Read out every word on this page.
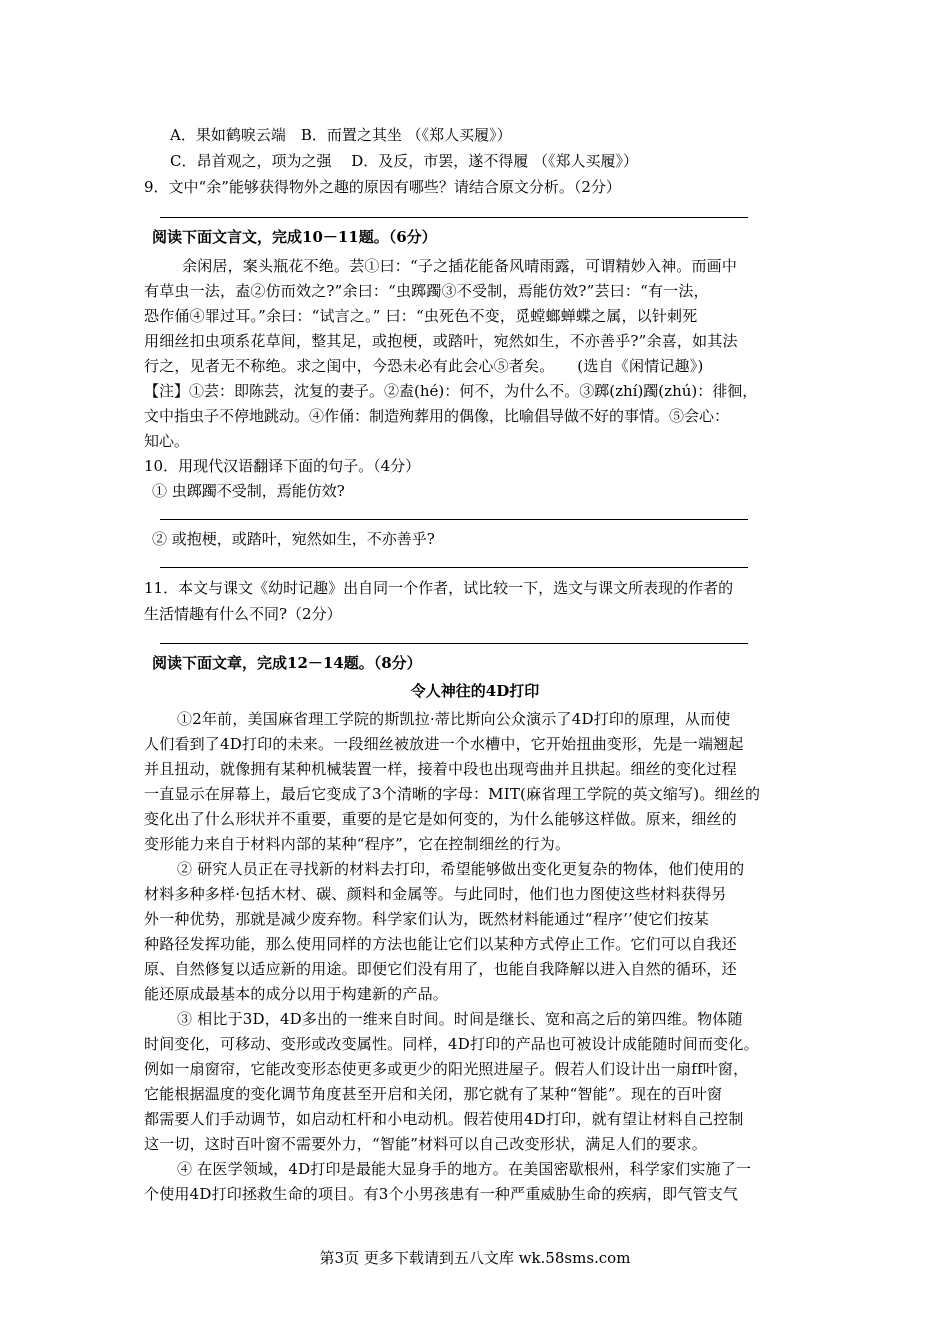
A．果如鹤唳云端　B．而置之其坐 （《郑人买履》）
C．昂首观之，项为之强　 D．及反，市罢，遂不得履 （《郑人买履》）
9．文中“余”能够获得物外之趣的原因有哪些？请结合原文分析。（2分）
阅读下面文言文，完成10－11题。（6分）
余闲居，案头瓶花不绝。芸①曰：“子之插花能备风晴雨露，可谓精妙入神。而画中
有草虫一法，盍②仿而效之?”余曰：“虫踯躅③不受制，焉能仿效?”芸曰：“有一法，
恐作俑④罪过耳。”余曰：“试言之。” 曰：“虫死色不变，觅螳螂蝉蝶之属，以针刺死
用细丝扣虫项系花草间，整其足，或抱梗，或踏叶，宛然如生，不亦善乎?”余喜，如其法
行之，见者无不称绝。求之闺中，今恐未必有此会心⑤者矣。　　(选自《闲情记趣》)
【注】①芸：即陈芸，沈复的妻子。②盍(hé)：何不，为什么不。③踯(zhí)躅(zhú)：徘徊，
文中指虫子不停地跳动。④作俑：制造殉葬用的偶像，比喻倡导做不好的事情。⑤会心：
知心。
10．用现代汉语翻译下面的句子。（4分）
① 虫踯躅不受制，焉能仿效?
② 或抱梗，或踏叶，宛然如生，不亦善乎?
11．本文与课文《幼时记趣》出自同一个作者，试比较一下，选文与课文所表现的作者的
生活情趣有什么不同?（2分）
阅读下面文章，完成12－14题。（8分）
令人神往的4D打印
①2年前，美国麻省理工学院的斯凯拉·蒂比斯向公众演示了4D打印的原理，从而使
人们看到了4D打印的未来。一段细丝被放进一个水槽中，它开始扭曲变形，先是一端翘起
并且扭动，就像拥有某种机械装置一样，接着中段也出现弯曲并且拱起。细丝的变化过程
一直显示在屏幕上，最后它变成了3个清晰的字母：MIT(麻省理工学院的英文缩写)。细丝的
变化出了什么形状并不重要，重要的是它是如何变的，为什么能够这样做。原来，细丝的
变形能力来自于材料内部的某种“程序”，它在控制细丝的行为。
② 研究人员正在寻找新的材料去打印，希望能够做出变化更复杂的物体，他们使用的
材料多种多样·包括木材、碳、颜料和金属等。与此同时，他们也力图使这些材料获得另
外一种优势，那就是减少废弃物。科学家们认为，既然材料能通过“程序’’使它们按某
种路径发挥功能，那么使用同样的方法也能让它们以某种方式停止工作。它们可以自我还
原、自然修复以适应新的用途。即便它们没有用了，也能自我降解以进入自然的循环，还
能还原成最基本的成分以用于构建新的产品。
③ 相比于3D，4D多出的一维来自时间。时间是继长、宽和高之后的第四维。物体随
时间变化，可移动、变形或改变属性。同样，4D打印的产品也可被设计成能随时间而变化。
例如一扇窗帘，它能改变形态使更多或更少的阳光照进屋子。假若人们设计出一扇ff叶窗，
它能根据温度的变化调节角度甚至开启和关闭，那它就有了某种“智能”。现在的百叶窗
都需要人们手动调节，如启动杠杆和小电动机。假若使用4D打印，就有望让材料自己控制
这一切，这时百叶窗不需要外力，“智能”材料可以自己改变形状，满足人们的要求。
④ 在医学领域，4D打印是最能大显身手的地方。在美国密歇根州，科学家们实施了一
个使用4D打印拯救生命的项目。有3个小男孩患有一种严重威胁生命的疾病，即气管支气
第3页 更多下载请到五八文库 wk.58sms.com
